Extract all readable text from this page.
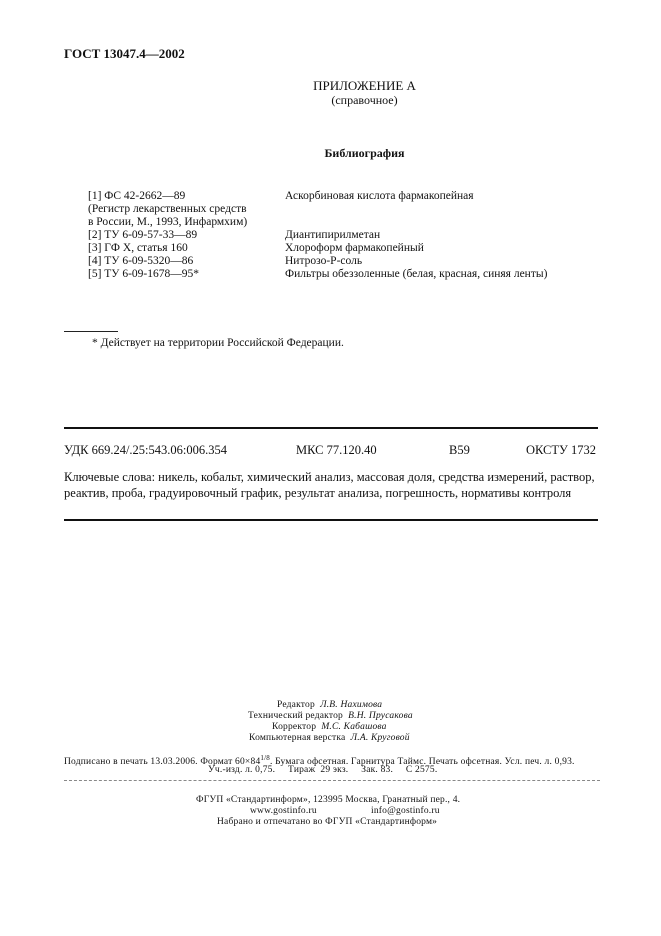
ГОСТ 13047.4—2002
ПРИЛОЖЕНИЕ А
(справочное)
Библиография
[1] ФС 42-2662—89	Аскорбиновая кислота фармакопейная
(Регистр лекарственных средств
в России, М., 1993, Инфармхим)
[2] ТУ 6-09-57-33—89	Диантипирилметан
[3] ГФ X, статья 160	Хлороформ фармакопейный
[4] ТУ 6-09-5320—86	Нитрозо-Р-соль
[5] ТУ 6-09-1678—95*	Фильтры обеззоленные (белая, красная, синяя ленты)
* Действует на территории Российской Федерации.
УДК 669.24/.25:543.06:006.354	МКС 77.120.40	В59	ОКСТУ 1732
Ключевые слова: никель, кобальт, химический анализ, массовая доля, средства измерений, раствор, реактив, проба, градуировочный график, результат анализа, погрешность, нормативы контроля
Редактор Л.В. Нахимова
Технический редактор В.Н. Прусакова
Корректор М.С. Кабашова
Компьютерная верстка Л.А. Круговой
Подписано в печать 13.03.2006. Формат $60\times 84^{1/8}$. Бумага офсетная. Гарнитура Таймс. Печать офсетная. Усл. печ. л. 0,93.
Уч.-изд. л. 0,75.     Тираж  29 экз.     Зак. 83.     С 2575.
ФГУП «Стандартинформ», 123995 Москва, Гранатный пер., 4.
www.gostinfo.ru	info@gostinfo.ru
Набрано и отпечатано во ФГУП «Стандартинформ»
